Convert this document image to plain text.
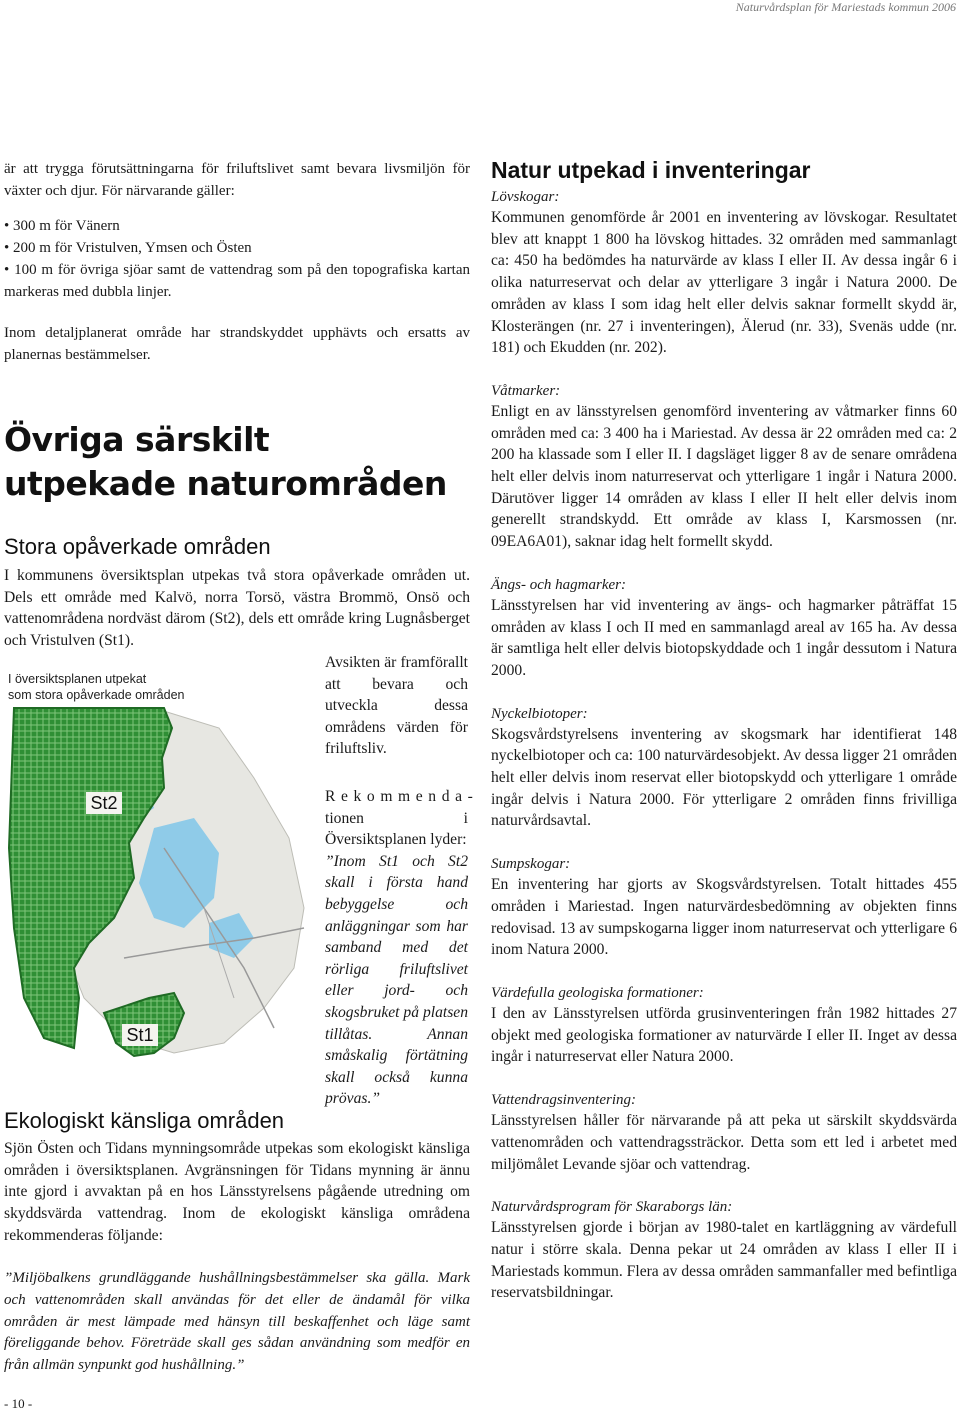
Naturvårdsplan för Mariestads kommun 2006

är att trygga förutsättningarna för friluftslivet samt bevara livsmiljön för växter och djur. För närvarande gäller:

• 300 m för Vänern
• 200 m för Vristulven, Ymsen och Östen
• 100 m för övriga sjöar samt de vattendrag som på den topografiska kartan markeras med dubbla linjer.

Inom detaljplanerat område har strandskyddet upphävts och ersatts av planernas bestämmelser.

Övriga särskilt
utpekade naturområden
Stora opåverkade områden

I kommunens översiktsplan utpekas två stora opåverkade områden ut. Dels ett område med Kalvö, norra Torsö, västra Brommö, Onsö och vattenområdena nordväst därom (St2), dels ett område kring Lugnåsberget och Vristulven (St1).

St2
St1
I översiktsplanen utpekat
som stora opåverkade områden

Avsikten är framförallt att bevara och utveckla dessa områdens värden för friluftsliv.

Rekommenda- tionen i Översiktsplanen lyder:

”Inom St1 och St2 skall i första hand bebyggelse och anläggningar som har samband med det rörliga friluftslivet eller jord- och skogsbruket på platsen tillåtas. Annan småskalig förtätning skall också kunna prövas.”

Ekologiskt känsliga områden

Sjön Östen och Tidans mynningsområde utpekas som ekologiskt känsliga områden i översiktsplanen. Avgränsningen för Tidans mynning är ännu inte gjord i avvaktan på en hos Länsstyrelsens pågående utredning om skyddsvärda vattendrag. Inom de ekologiskt känsliga områdena rekommenderas följande:

”Miljöbalkens grundläggande hushållningsbestämmelser ska gälla. Mark och vattenområden skall användas för det eller de ändamål för vilka områden är mest lämpade med hänsyn till beskaffenhet och läge samt föreliggande behov. Företräde skall ges sådan användning som medför en från allmän synpunkt god hushållning.”

- 10 -
Natur utpekad i inventeringar

Lövskogar:

Kommunen genomförde år 2001 en inventering av lövskogar. Resultatet blev att knappt 1 800 ha lövskog hittades. 32 områden med sammanlagt ca: 450 ha bedömdes ha naturvärde av klass I eller II. Av dessa ingår 6 i olika naturreservat och delar av ytterligare 3 ingår i Natura 2000. De områden av klass I som idag helt eller delvis saknar formellt skydd är, Klosterängen (nr. 27 i inventeringen), Älerud (nr. 33), Svenäs udde (nr. 181) och Ekudden (nr. 202).

Våtmarker:

Enligt en av länsstyrelsen genomförd inventering av våtmarker finns 60 områden med ca: 3 400 ha i Mariestad. Av dessa är 22 områden med ca: 2 200 ha klassade som I eller II. I dagsläget ligger 8 av de senare områdena helt eller delvis inom naturreservat och ytterligare 1 ingår i Natura 2000. Därutöver ligger 14 områden av klass I eller II helt eller delvis inom generellt strandskydd. Ett område av klass I, Karsmossen (nr. 09EA6A01), saknar idag helt formellt skydd.

Ängs- och hagmarker:

Länsstyrelsen har vid inventering av ängs- och hagmarker påträffat 15 områden av klass I och II med en sammanlagd areal av 165 ha. Av dessa är samtliga helt eller delvis biotopskyddade och 1 ingår dessutom i Natura 2000.

Nyckelbiotoper:

Skogsvårdstyrelsens inventering av skogsmark har identifierat 148 nyckelbiotoper och ca: 100 naturvärdesobjekt. Av dessa ligger 21 områden helt eller delvis inom reservat eller biotopskydd och ytterligare 1 område ingår delvis i Natura 2000. För ytterligare 2 områden finns frivilliga naturvårdsavtal.

Sumpskogar:

En inventering har gjorts av Skogsvårdstyrelsen. Totalt hittades 455 områden i Mariestad. Ingen naturvärdesbedömning av objekten finns redovisad. 13 av sumpskogarna ligger inom naturreservat och ytterligare 6 inom Natura 2000.

Värdefulla geologiska formationer:

I den av Länsstyrelsen utförda grusinventeringen från 1982 hittades 27 objekt med geologiska formationer av naturvärde I eller II. Inget av dessa ingår i naturreservat eller Natura 2000.

Vattendragsinventering:

Länsstyrelsen håller för närvarande på att peka ut särskilt skyddsvärda vattenområden och vattendragssträckor. Detta som ett led i arbetet med miljömålet Levande sjöar och vattendrag.

Naturvårdsprogram för Skaraborgs län:

Länsstyrelsen gjorde i början av 1980-talet en kartläggning av värdefull natur i större skala. Denna pekar ut 24 områden av klass I eller II i Mariestads kommun. Flera av dessa områden sammanfaller med befintliga reservatsbildningar.
